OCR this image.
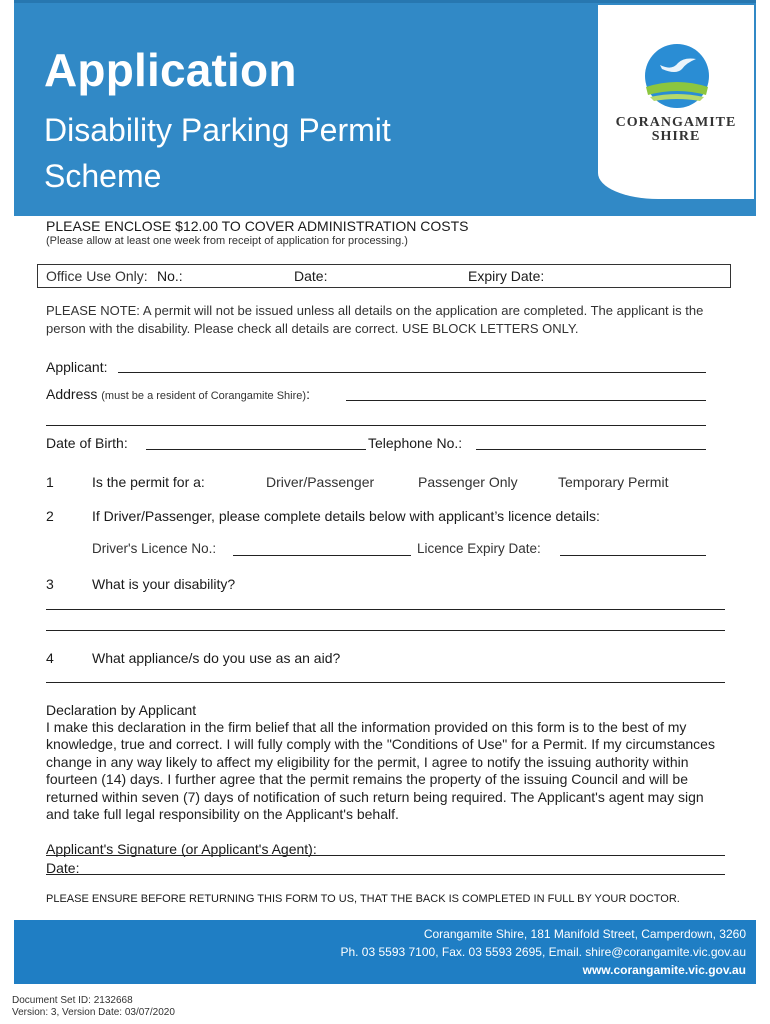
Application
Disability Parking Permit
Scheme
CORANGAMITE
SHIRE
PLEASE ENCLOSE $12.00 TO COVER ADMINISTRATION COSTS
(Please allow at least one week from receipt of application for processing.)
Office Use Only: No.:	Date:	Expiry Date:
PLEASE NOTE: A permit will not be issued unless all details on the application are completed. The applicant is the person with the disability. Please check all details are correct. USE BLOCK LETTERS ONLY.
Applicant:
Address (must be a resident of Corangamite Shire):
Date of Birth:	Telephone No.:
1	Is the permit for a:	Driver/Passenger	Passenger Only	Temporary Permit
2	If Driver/Passenger, please complete details below with applicant’s licence details:
Driver's Licence No.:	Licence Expiry Date:
3	What is your disability?
4	What appliance/s do you use as an aid?
Declaration by Applicant
I make this declaration in the firm belief that all the information provided on this form is to the best of my knowledge, true and correct. I will fully comply with the "Conditions of Use" for a Permit. If my circumstances change in any way likely to affect my eligibility for the permit, I agree to notify the issuing authority within fourteen (14) days. I further agree that the permit remains the property of the issuing Council and will be returned within seven (7) days of notification of such return being required. The Applicant's agent may sign and take full legal responsibility on the Applicant's behalf.
Applicant's Signature (or Applicant's Agent):
Date:
PLEASE ENSURE BEFORE RETURNING THIS FORM TO US, THAT THE BACK IS COMPLETED IN FULL BY YOUR DOCTOR.
Corangamite Shire, 181 Manifold Street, Camperdown, 3260
Ph. 03 5593 7100, Fax. 03 5593 2695, Email. shire@corangamite.vic.gov.au
www.corangamite.vic.gov.au
Document Set ID: 2132668
Version: 3, Version Date: 03/07/2020
